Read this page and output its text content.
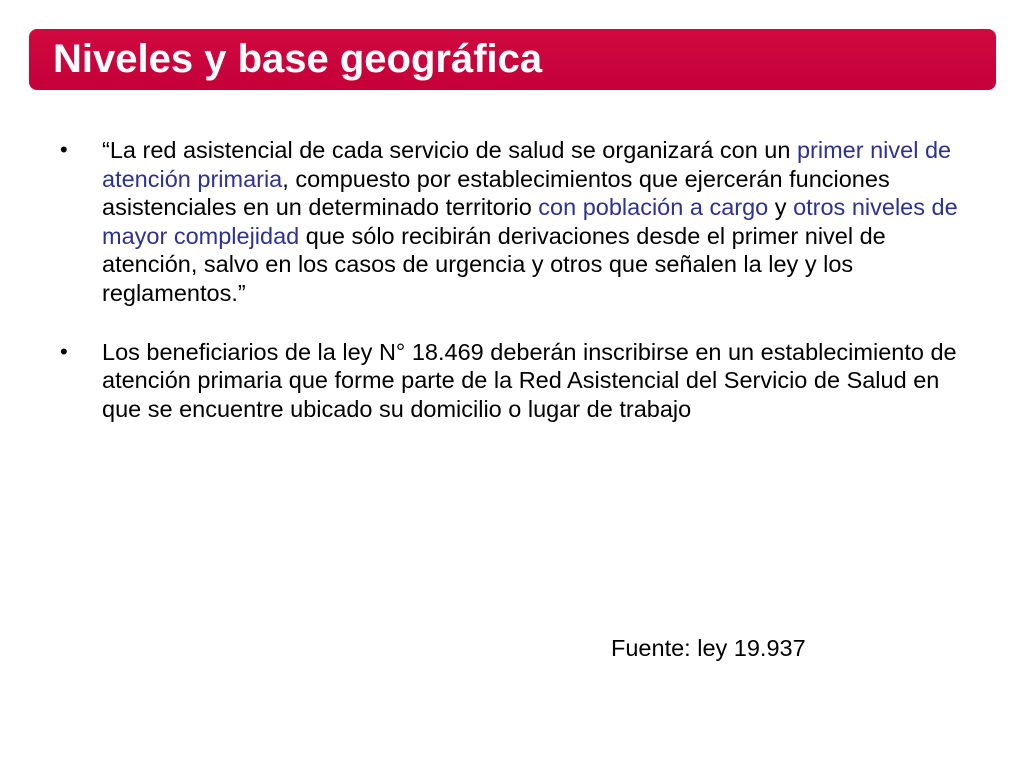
Niveles y base geográfica
• “La red asistencial de cada servicio de salud se organizará con un primer nivel de atención primaria, compuesto por establecimientos que ejercerán funciones asistenciales en un determinado territorio con población a cargo y otros niveles de mayor complejidad que sólo recibirán derivaciones desde el primer nivel de atención, salvo en los casos de urgencia y otros que señalen la ley y los reglamentos.”
• Los beneficiarios de la ley N° 18.469 deberán inscribirse en un establecimiento de atención primaria que forme parte de la Red Asistencial del Servicio de Salud en que se encuentre ubicado su domicilio o lugar de trabajo
Fuente: ley 19.937
